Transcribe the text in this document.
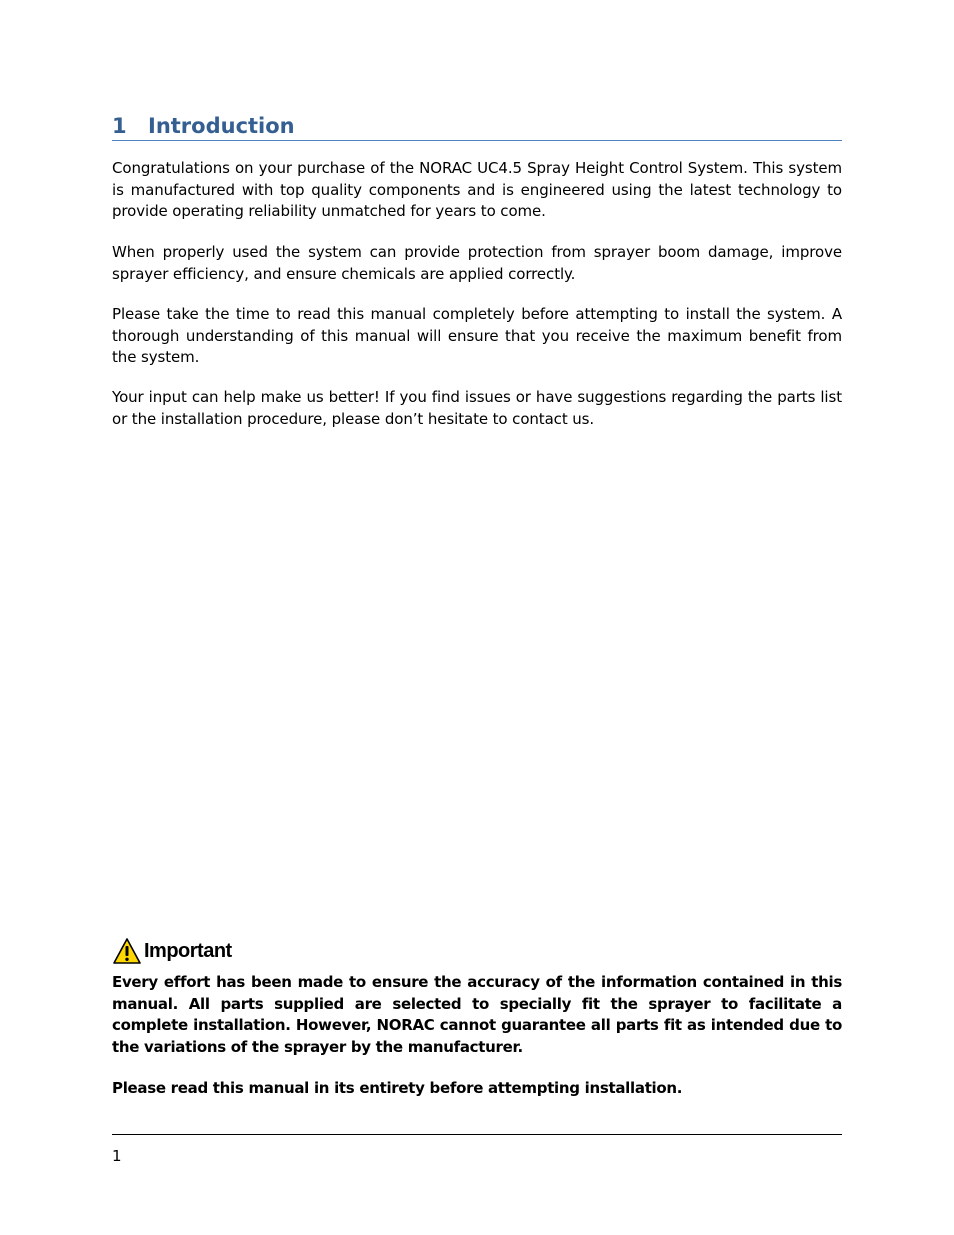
1 Introduction

Congratulations on your purchase of the NORAC UC4.5 Spray Height Control System. This system is manufactured with top quality components and is engineered using the latest technology to provide operating reliability unmatched for years to come.

When properly used the system can provide protection from sprayer boom damage, improve sprayer efficiency, and ensure chemicals are applied correctly.

Please take the time to read this manual completely before attempting to install the system. A thorough understanding of this manual will ensure that you receive the maximum benefit from the system.

Your input can help make us better! If you find issues or have suggestions regarding the parts list or the installation procedure, please don’t hesitate to contact us.

Important

Every effort has been made to ensure the accuracy of the information contained in this manual. All parts supplied are selected to specially fit the sprayer to facilitate a complete installation. However, NORAC cannot guarantee all parts fit as intended due to the variations of the sprayer by the manufacturer.

Please read this manual in its entirety before attempting installation.

1
